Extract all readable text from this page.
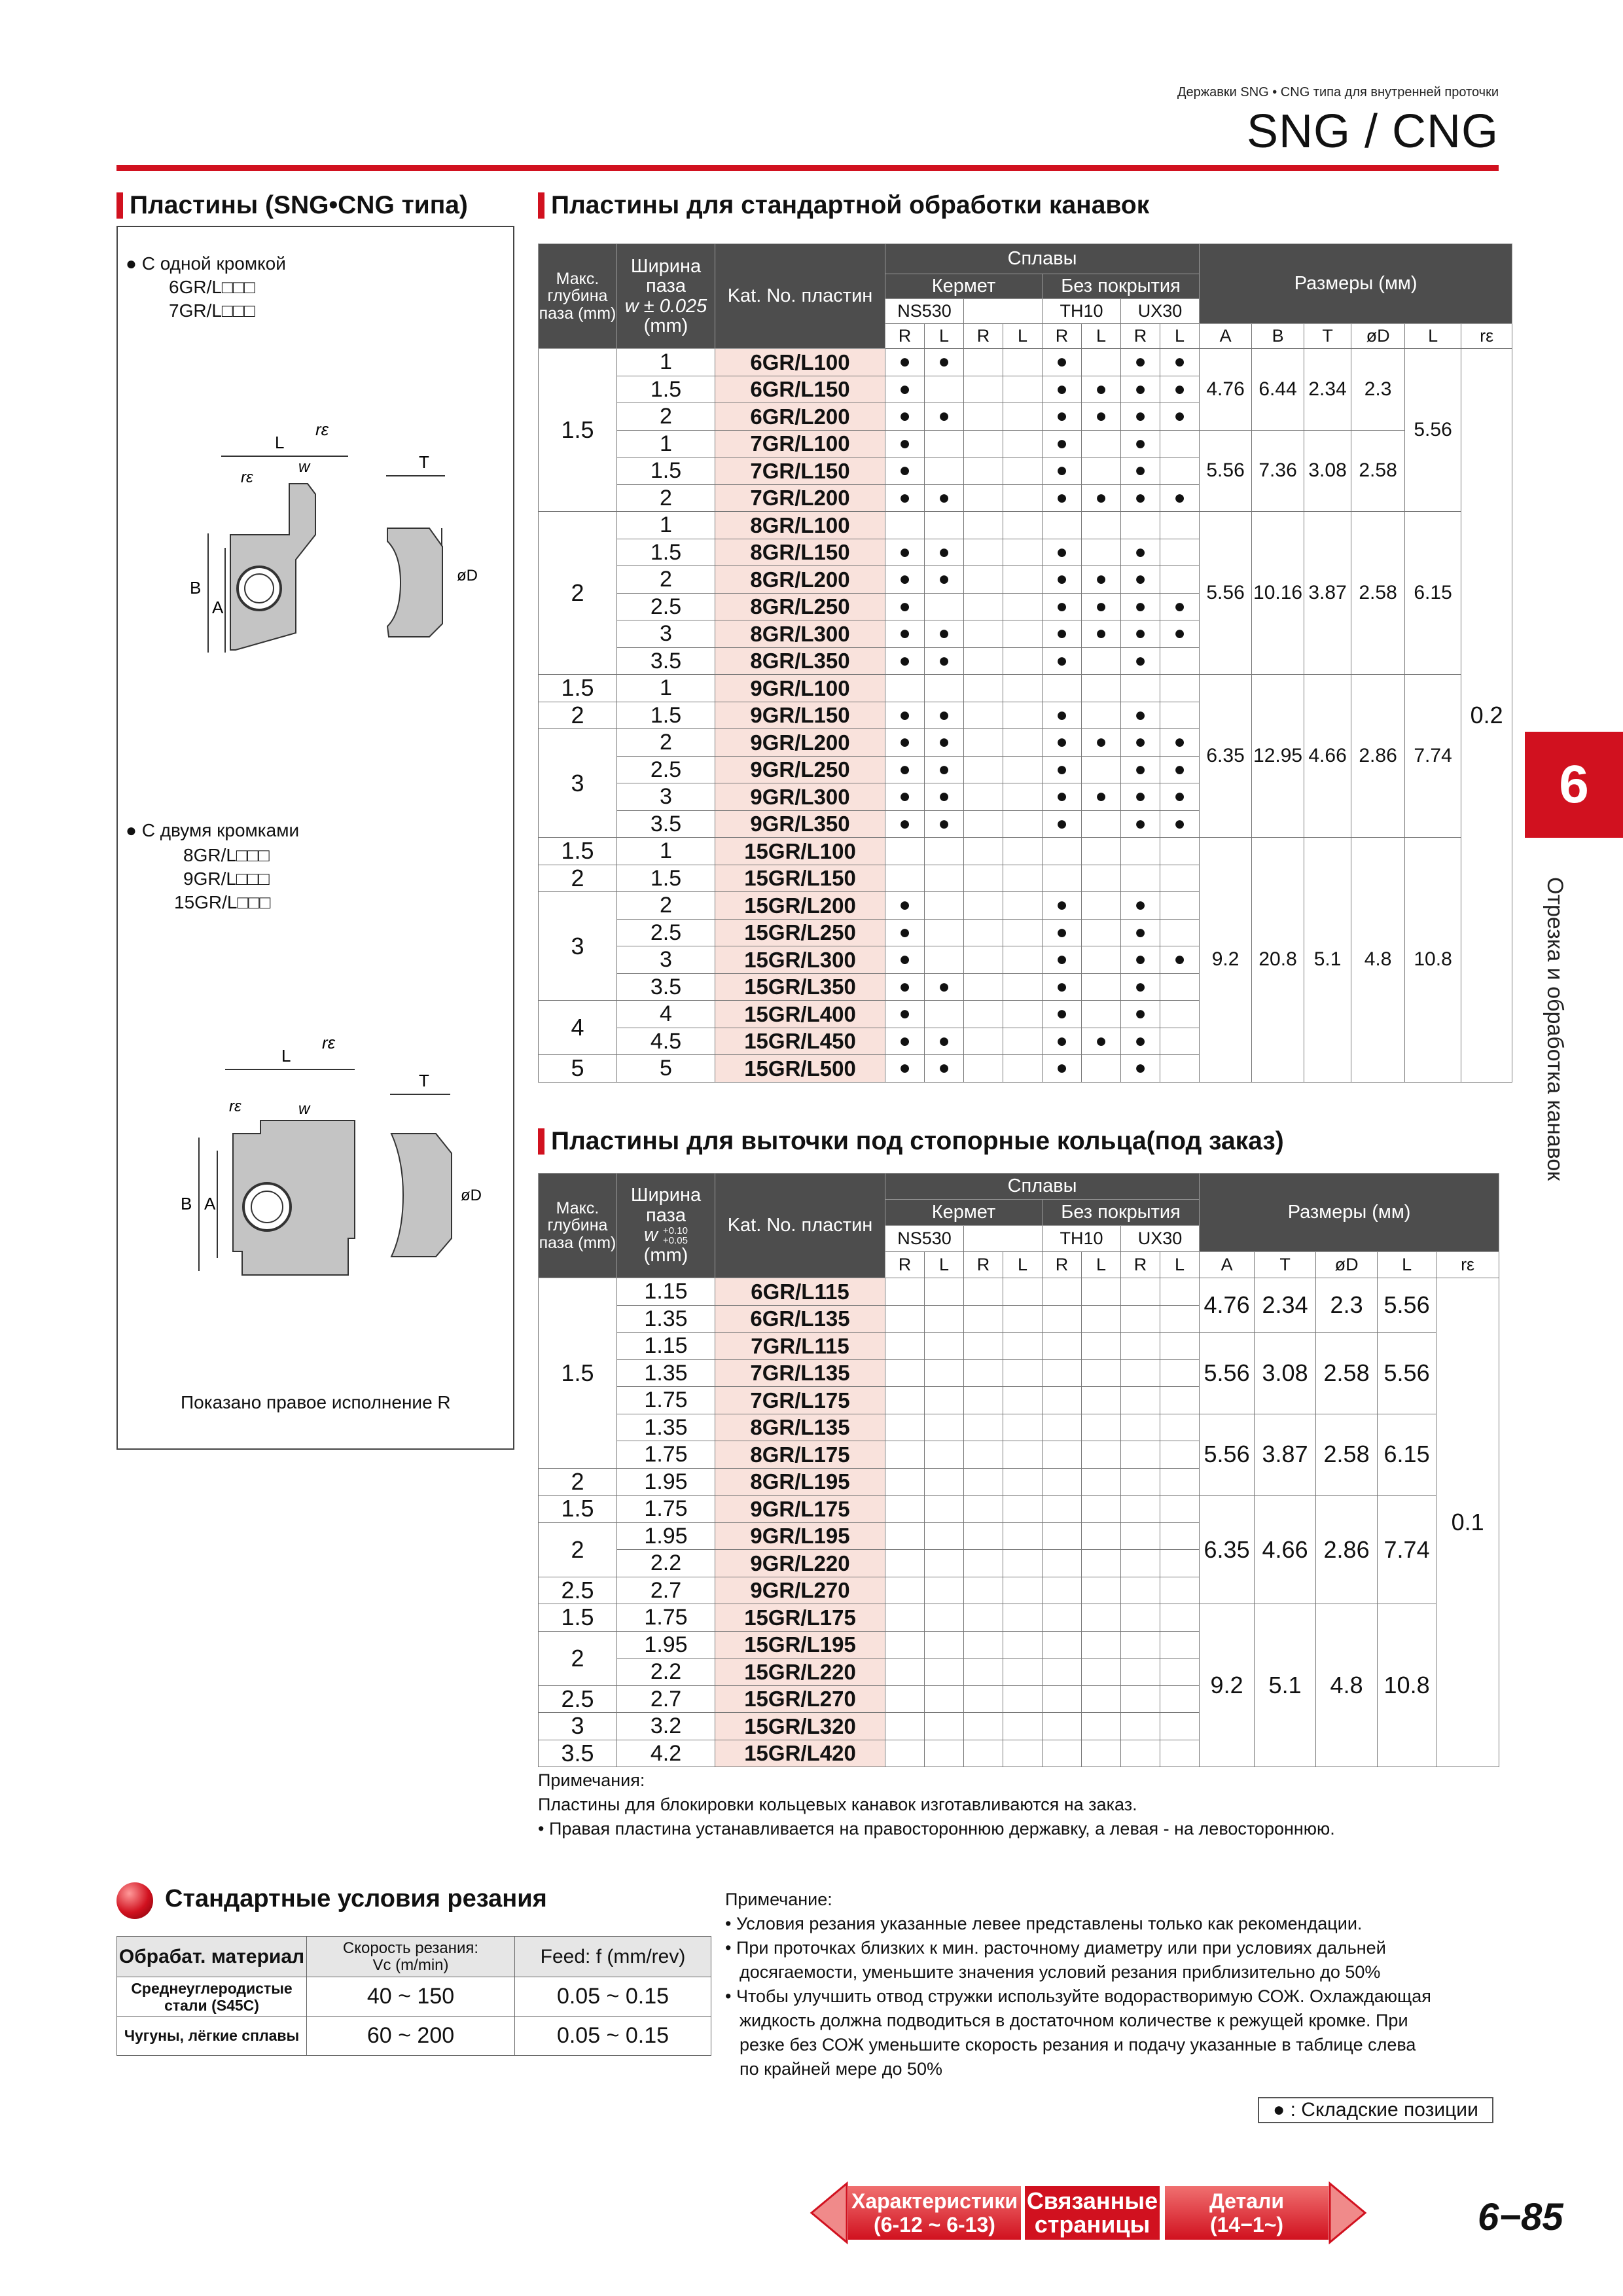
Державки SNG • CNG типа для внутренней проточки
SNG / CNG
Пластины (SNG•CNG типа)
● С одной кромкой
6GR/L□□□
7GR/L□□□
L
rε
rε
w	T
B
A
øD
● С двумя кромками
8GR/L□□□
9GR/L□□□
15GR/L□□□
L
rε
rε	w
T
B A	øD
Показано правое исполнение R
Пластины для стандартной обработки канавок
Макс. глубина паза (mm)	Ширина паза
w ± 0.025
(mm)	Kat. No. пластин	Сплавы								Размеры (мм)					
			Кермет				Без покрытия									
			NS530				TH10		UX30							
			R	L	R	L	R	L	R	L	A	B	T	øD	L	rε
1.5	1	6GR/L100	●	●			●		●	●	4.76	6.44	2.34	2.3	5.56	0.2
	1.5	6GR/L150	●				●	●	●	●						
	2	6GR/L200	●	●			●	●	●	●						
	1	7GR/L100	●				●		●		5.56	7.36	3.08	2.58		
	1.5	7GR/L150	●				●		●							
	2	7GR/L200	●	●			●	●	●	●						
2	1	8GR/L100									5.56	10.16	3.87	2.58	6.15	
	1.5	8GR/L150	●	●			●		●							
	2	8GR/L200	●	●			●	●	●							
	2.5	8GR/L250	●				●	●	●	●						
	3	8GR/L300	●	●			●	●	●	●						
	3.5	8GR/L350	●	●			●		●							
1.5	1	9GR/L100									6.35	12.95	4.66	2.86	7.74	
2	1.5	9GR/L150	●	●			●		●							
3	2	9GR/L200	●	●			●	●	●	●						
	2.5	9GR/L250	●	●			●		●	●						
	3	9GR/L300	●	●			●	●	●	●						
	3.5	9GR/L350	●	●			●		●	●						
1.5	1	15GR/L100									9.2	20.8	5.1	4.8	10.8	
2	1.5	15GR/L150														
3	2	15GR/L200	●				●		●							
	2.5	15GR/L250	●				●		●							
	3	15GR/L300	●				●		●	●						
	3.5	15GR/L350	●	●			●		●							
4	4	15GR/L400	●				●		●							
	4.5	15GR/L450	●	●			●	●	●							
5	5	15GR/L500	●	●			●		●							
Пластины для выточки под стопорные кольца(под заказ)
Макс. глубина паза (mm)	Ширина паза
w +0.10
+0.05
(mm)	Kat. No. пластин	Сплавы								Размеры (мм)				
			Кермет				Без покрытия								
			NS530				TH10		UX30						
			R	L	R	L	R	L	R	L	A	T	øD	L	rε
1.5	1.15	6GR/L115									4.76	2.34	2.3	5.56	0.1
	1.35	6GR/L135													
	1.15	7GR/L115									5.56	3.08	2.58	5.56	
	1.35	7GR/L135													
	1.75	7GR/L175													
	1.35	8GR/L135									5.56	3.87	2.58	6.15	
	1.75	8GR/L175													
2	1.95	8GR/L195													
1.5	1.75	9GR/L175									6.35	4.66	2.86	7.74	
2	1.95	9GR/L195													
	2.2	9GR/L220													
2.5	2.7	9GR/L270													
1.5	1.75	15GR/L175									9.2	5.1	4.8	10.8	
2	1.95	15GR/L195													
	2.2	15GR/L220													
2.5	2.7	15GR/L270													
3	3.2	15GR/L320													
3.5	4.2	15GR/L420													
Примечания:
Пластины для блокировки кольцевых канавок изготавливаются на заказ.
• Правая пластина устанавливается на правостороннюю державку, а левая - на левостороннюю.
Стандартные условия резания
Обрабат. материал	Скорость резания:
Vc (m/min)	Feed: f (mm/rev)
Среднеуглеродистые
стали (S45C)	40 ~ 150	0.05 ~ 0.15
Чугуны, лёгкие сплавы	60 ~ 200	0.05 ~ 0.15
Примечание:
• Условия резания указанные левее представлены только как рекомендации.
• При проточках близких к мин. расточному диаметру или при условиях дальней
досягаемости, уменьшите значения условий резания приблизительно до 50%
• Чтобы улучшить отвод стружки используйте водорастворимую СОЖ. Охлаждающая
жидкость должна подводиться в достаточном количестве к режущей кромке. При
резке без СОЖ уменьшите скорость резания и подачу указанные в таблице слева
по крайней мере до 50%
● : Складские позиции
6
Отрезка и обработка канавок
Характеристики
(6-12 ~ 6-13)
Связанные
страницы
Детали
(14−1~)	6−85
